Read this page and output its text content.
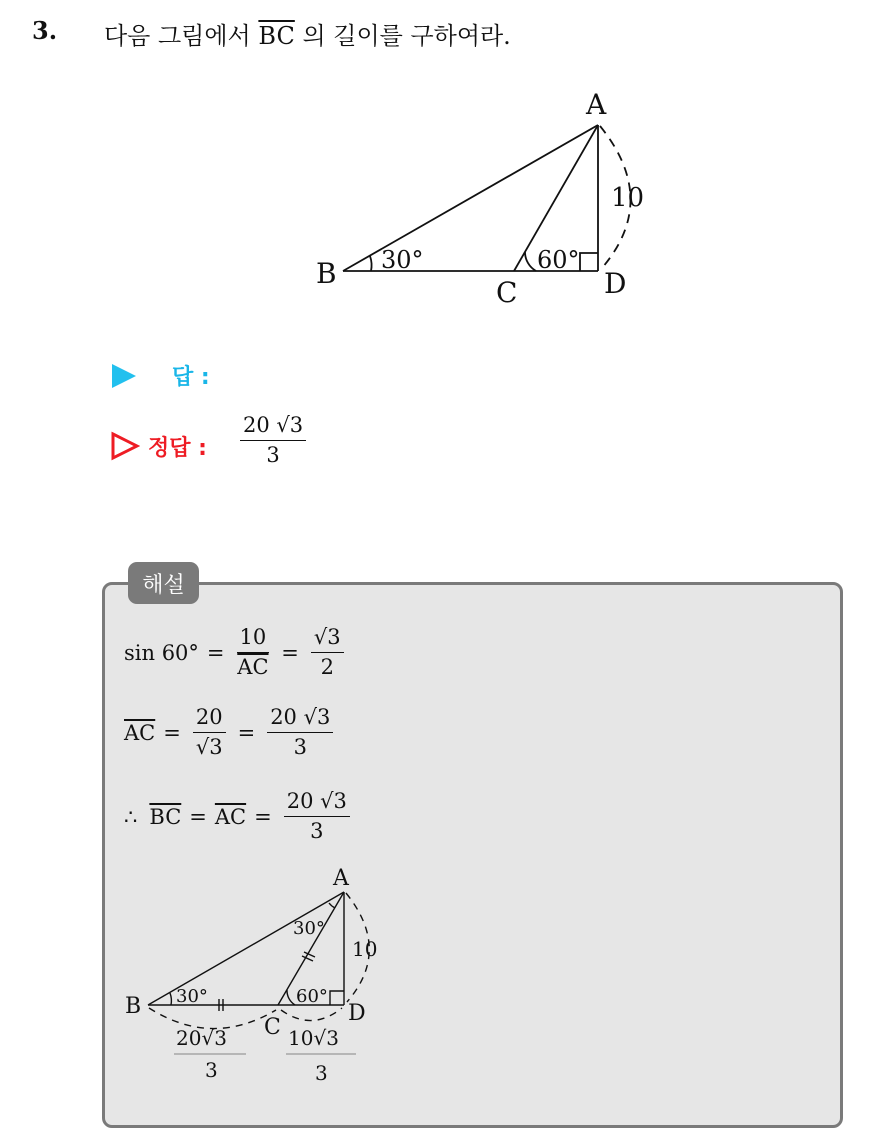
3. 다음 그림에서 $\overline{BC}$ 의 길이를 구하여라.
A
B
C	D
30°	60°
10
답 :
정답 : $\frac{20 √3}{3}$
해설
$\sin 60^\circ = \frac{10}{AC} = \frac{√3}{2}$
$\overline{AC} = \frac{20}{√3} = \frac{20 √3}{3}$
∴ $\overline{BC} = \overline{AC} = \frac{20 √3}{3}$
A
B
C
D
30°
30°
60°
10
20√3
3
10√3
3
